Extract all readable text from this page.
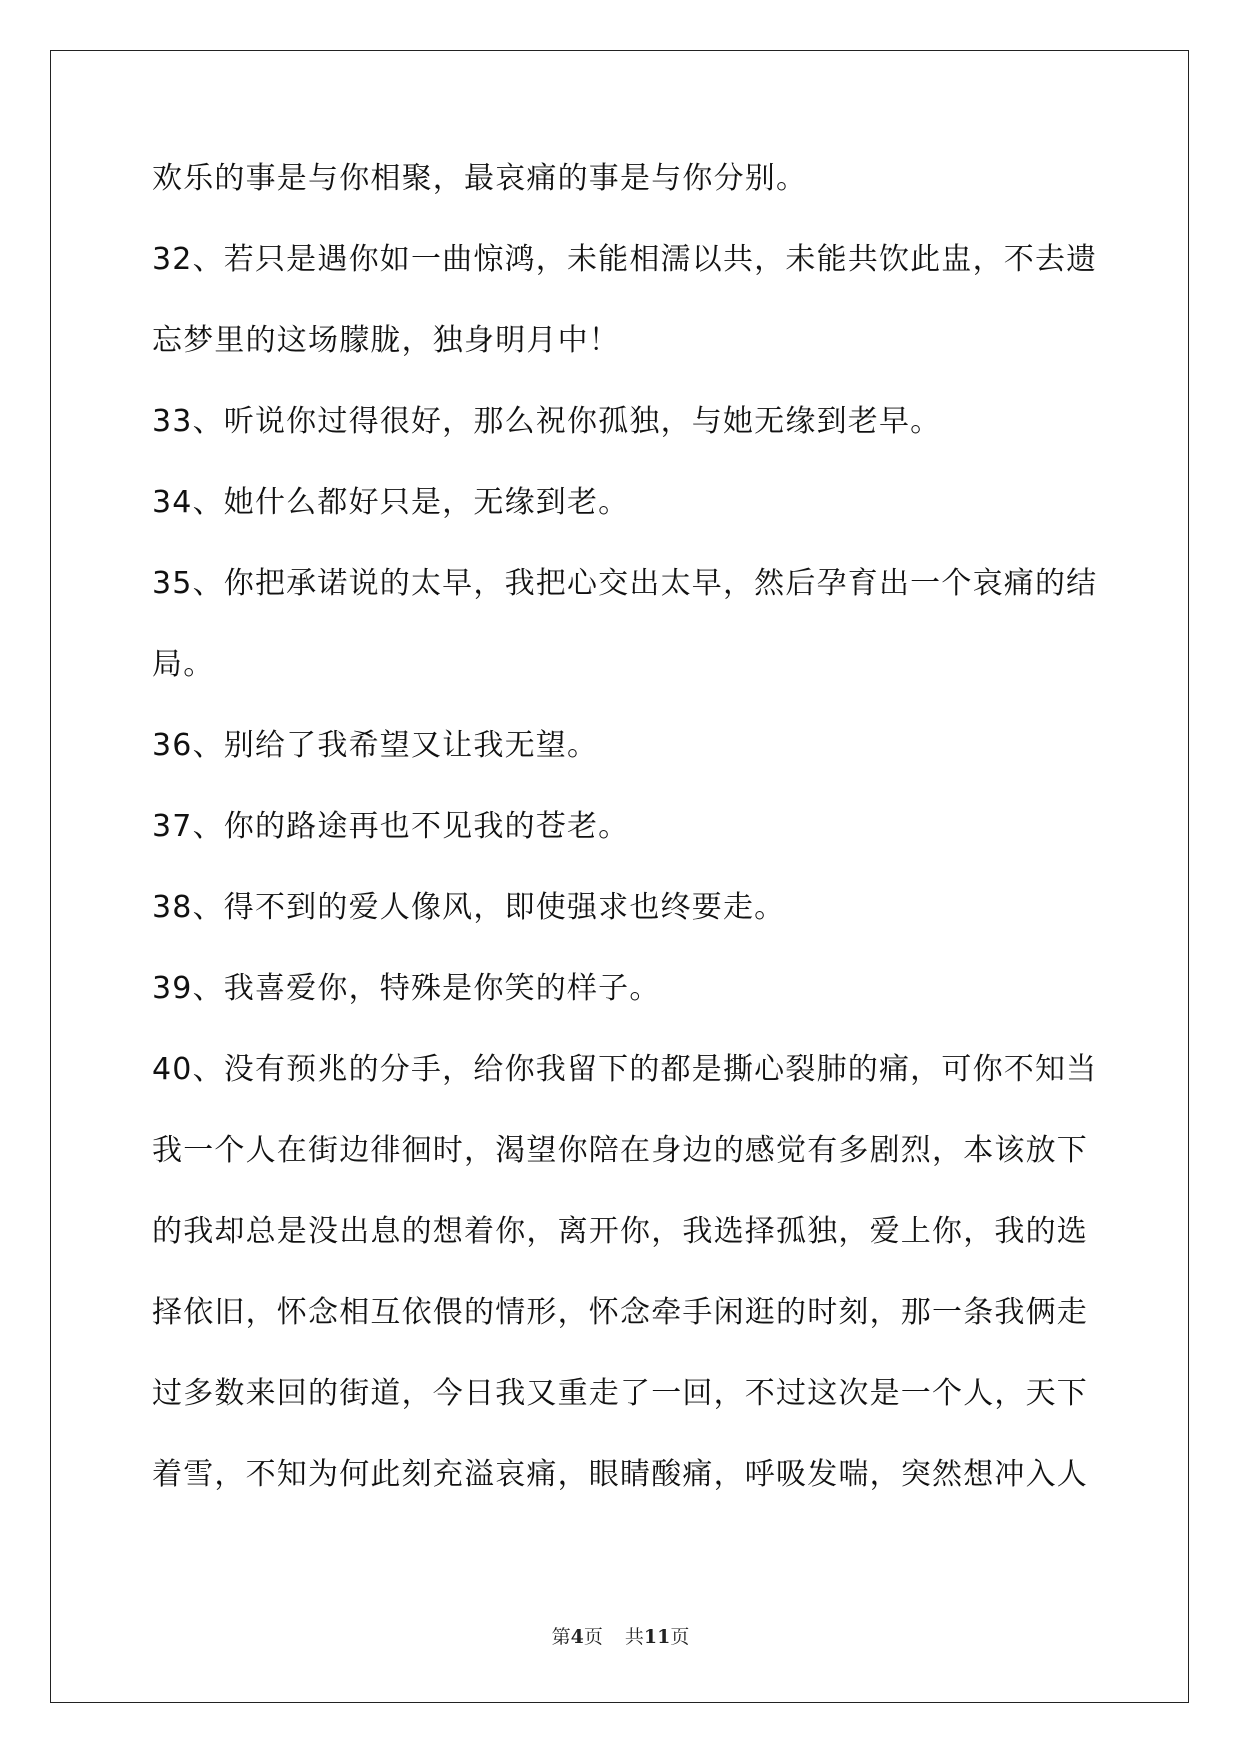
欢乐的事是与你相聚，最哀痛的事是与你分别。
32、若只是遇你如一曲惊鸿，未能相濡以共，未能共饮此盅，不去遗
忘梦里的这场朦胧，独身明月中！
33、听说你过得很好，那么祝你孤独，与她无缘到老早。
34、她什么都好只是，无缘到老。
35、你把承诺说的太早，我把心交出太早，然后孕育出一个哀痛的结
局。
36、别给了我希望又让我无望。
37、你的路途再也不见我的苍老。
38、得不到的爱人像风，即使强求也终要走。
39、我喜爱你，特殊是你笑的样子。
40、没有预兆的分手，给你我留下的都是撕心裂肺的痛，可你不知当
我一个人在街边徘徊时，渴望你陪在身边的感觉有多剧烈，本该放下
的我却总是没出息的想着你，离开你，我选择孤独，爱上你，我的选
择依旧，怀念相互依偎的情形，怀念牵手闲逛的时刻，那一条我俩走
过多数来回的街道，今日我又重走了一回，不过这次是一个人，天下
着雪，不知为何此刻充溢哀痛，眼睛酸痛，呼吸发喘，突然想冲入人
第4页 共11页
